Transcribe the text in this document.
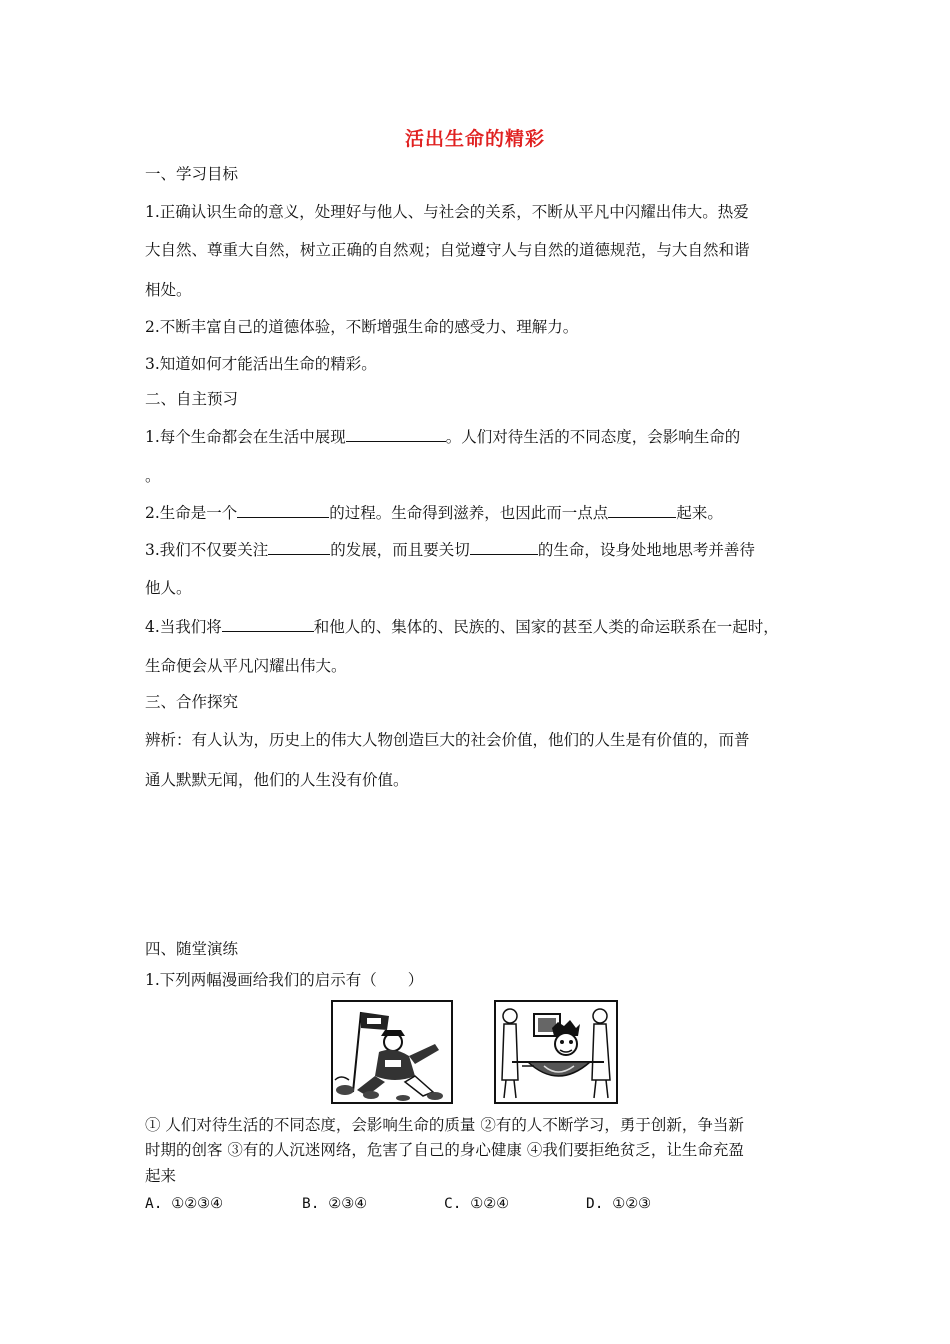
活出生命的精彩
一、学习目标
1.正确认识生命的意义，处理好与他人、与社会的关系，不断从平凡中闪耀出伟大。热爱
大自然、尊重大自然，树立正确的自然观；自觉遵守人与自然的道德规范，与大自然和谐
相处。
2.不断丰富自己的道德体验，不断增强生命的感受力、理解力。
3.知道如何才能活出生命的精彩。
二、自主预习
1.每个生命都会在生活中展现	。人们对待生活的不同态度，会影响生命的
。
2.生命是一个	的过程。生命得到滋养，也因此而一点点	起来。
3.我们不仅要关注	的发展，而且要关切	的生命，设身处地地思考并善待
他人。
4.当我们将	和他人的、集体的、民族的、国家的甚至人类的命运联系在一起时，
生命便会从平凡闪耀出伟大。
三、合作探究
辨析：有人认为，历史上的伟大人物创造巨大的社会价值，他们的人生是有价值的，而普
通人默默无闻，他们的人生没有价值。
四、随堂演练
1.下列两幅漫画给我们的启示有（　　）
① 人们对待生活的不同态度，会影响生命的质量 ②有的人不断学习，勇于创新，争当新
时期的创客 ③有的人沉迷网络，危害了自己的身心健康 ④我们要拒绝贫乏，让生命充盈
起来
A. ①②③④	B. ②③④	C. ①②④	D. ①②③
